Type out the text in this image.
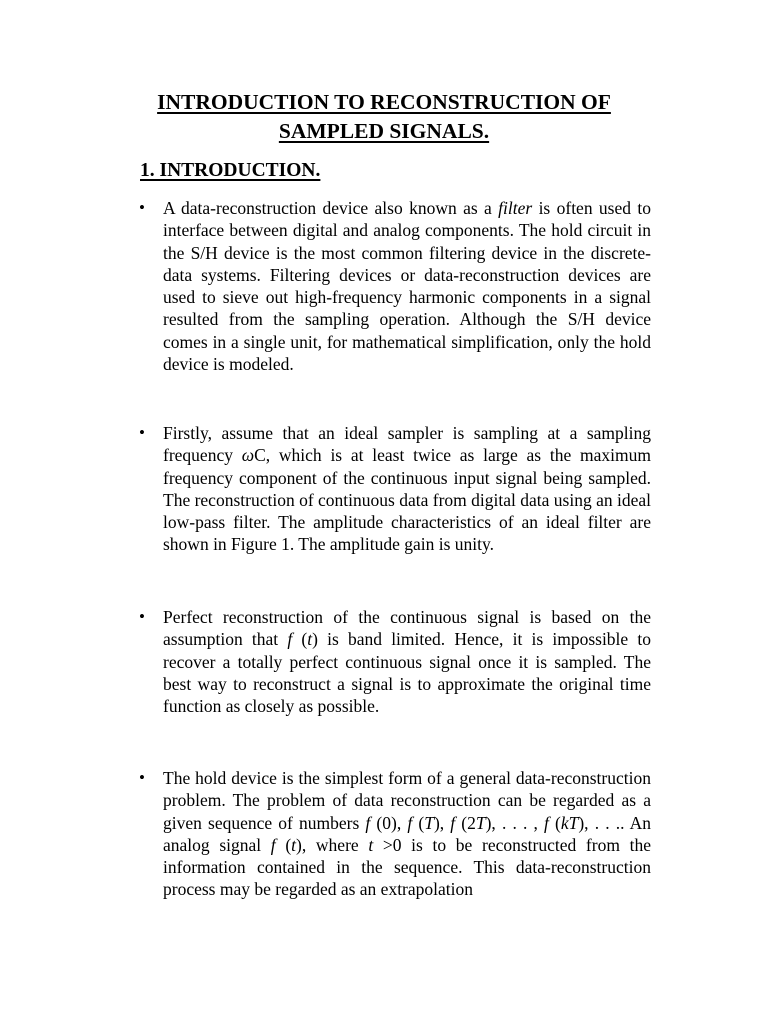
INTRODUCTION TO RECONSTRUCTION OF
SAMPLED SIGNALS.
1. INTRODUCTION.
• A data-reconstruction device also known as a filter is often used to interface between digital and analog components. The hold circuit in the S/H device is the most common filtering device in the discrete-data systems. Filtering devices or data-reconstruction devices are used to sieve out high-frequency harmonic components in a signal resulted from the sampling operation. Although the S/H device comes in a single unit, for mathematical simplification, only the hold device is modeled.
• Firstly, assume that an ideal sampler is sampling at a sampling frequency ωC, which is at least twice as large as the maximum frequency component of the continuous input signal being sampled. The reconstruction of continuous data from digital data using an ideal low-pass filter. The amplitude characteristics of an ideal filter are shown in Figure 1. The amplitude gain is unity.
• Perfect reconstruction of the continuous signal is based on the assumption that f (t) is band limited. Hence, it is impossible to recover a totally perfect continuous signal once it is sampled. The best way to reconstruct a signal is to approximate the original time function as closely as possible.
• The hold device is the simplest form of a general data-reconstruction problem. The problem of data reconstruction can be regarded as a given sequence of numbers f (0), f (T), f (2T), . . . , f (kT), . . .. An analog signal f (t), where t >0 is to be reconstructed from the information contained in the sequence. This data-reconstruction process may be regarded as an extrapolation
